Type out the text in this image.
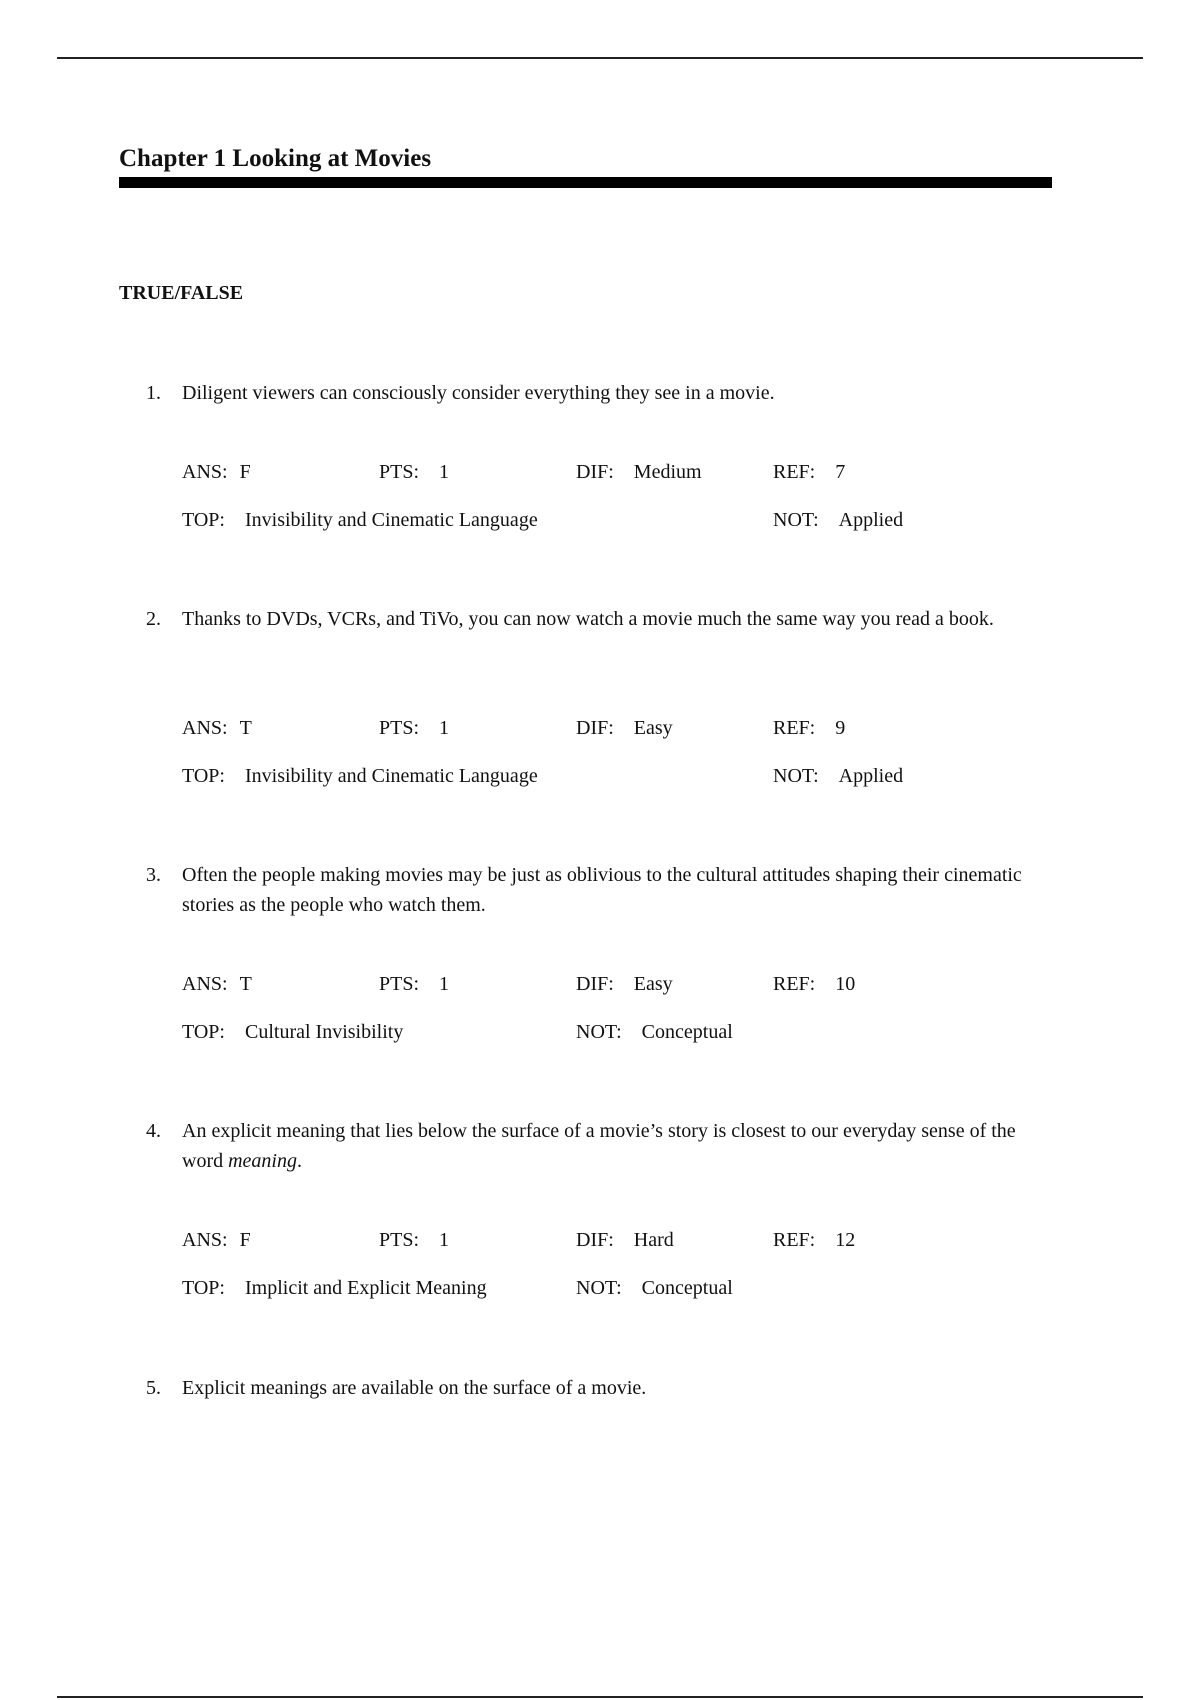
Chapter 1 Looking at Movies
TRUE/FALSE
1. Diligent viewers can consciously consider everything they see in a movie.
ANS: F	PTS: 1	DIF: Medium	REF: 7
TOP: Invisibility and Cinematic Language	NOT: Applied
2. Thanks to DVDs, VCRs, and TiVo, you can now watch a movie much the same way you read a book.
ANS: T	PTS: 1	DIF: Easy	REF: 9
TOP: Invisibility and Cinematic Language	NOT: Applied
3. Often the people making movies may be just as oblivious to the cultural attitudes shaping their cinematic stories as the people who watch them.
ANS: T	PTS: 1	DIF: Easy	REF: 10
TOP: Cultural Invisibility	NOT: Conceptual
4. An explicit meaning that lies below the surface of a movie’s story is closest to our everyday sense of the word meaning.
ANS: F	PTS: 1	DIF: Hard	REF: 12
TOP: Implicit and Explicit Meaning	NOT: Conceptual
5. Explicit meanings are available on the surface of a movie.
